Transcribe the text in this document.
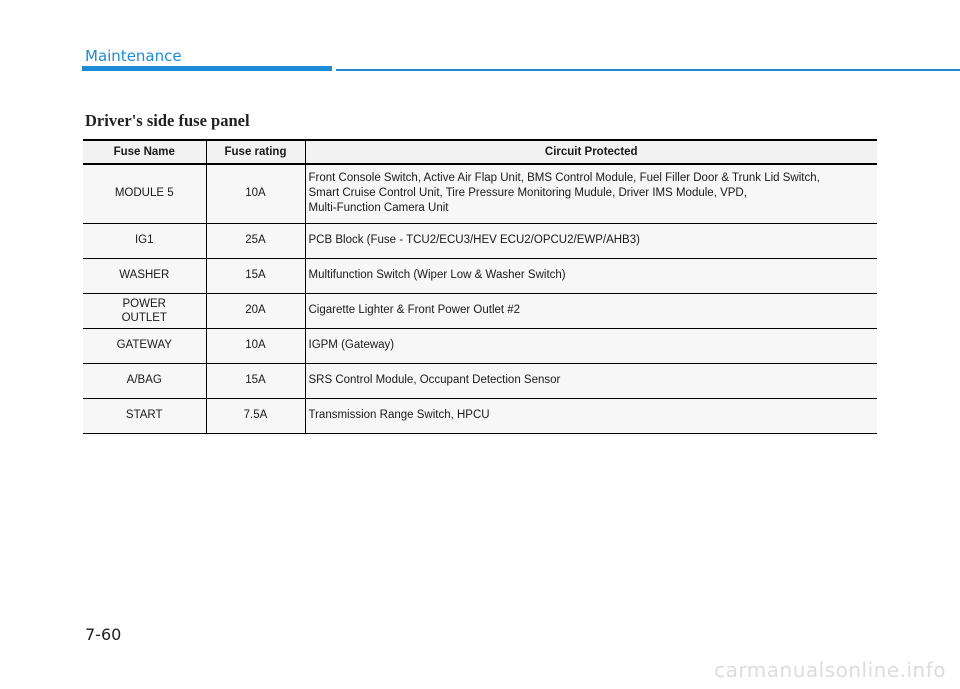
Maintenance
Driver's side fuse panel
Fuse Name	Fuse rating	Circuit Protected
MODULE 5	10A	Front Console Switch, Active Air Flap Unit, BMS Control Module, Fuel Filler Door & Trunk Lid Switch,
Smart Cruise Control Unit, Tire Pressure Monitoring Mudule, Driver IMS Module, VPD,
Multi-Function Camera Unit
IG1	25A	PCB Block (Fuse - TCU2/ECU3/HEV ECU2/OPCU2/EWP/AHB3)
WASHER	15A	Multifunction Switch (Wiper Low & Washer Switch)
POWER
OUTLET	20A	Cigarette Lighter & Front Power Outlet #2
GATEWAY	10A	IGPM (Gateway)
A/BAG	15A	SRS Control Module, Occupant Detection Sensor
START	7.5A	Transmission Range Switch, HPCU
7-60
carmanualsonline.info
